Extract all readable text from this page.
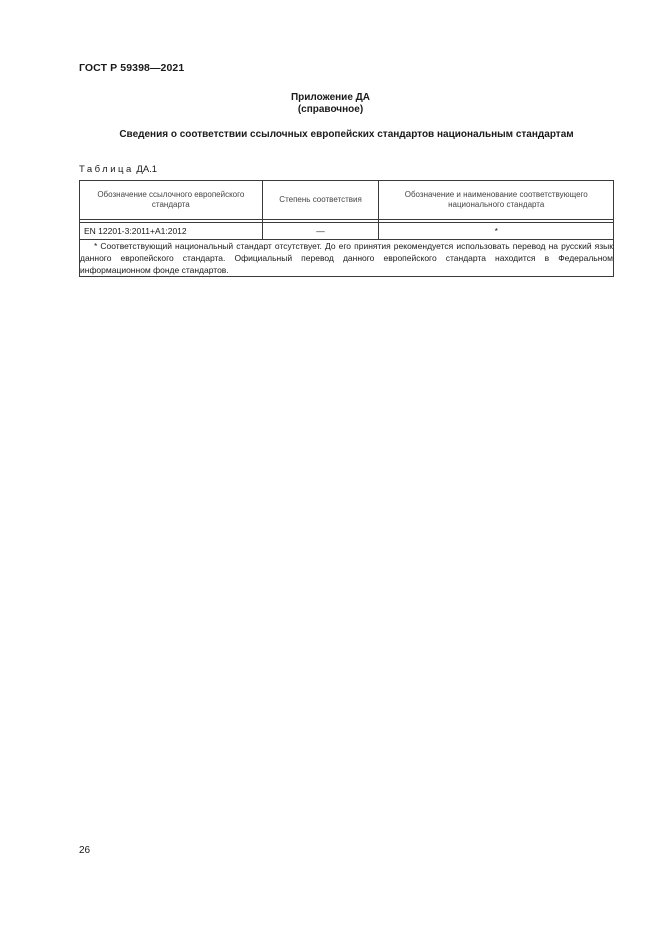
ГОСТ Р 59398—2021
Приложение ДА
(справочное)
Сведения о соответствии ссылочных европейских стандартов национальным стандартам
Таблица ДА.1
Обозначение ссылочного европейского стандарта	Степень соответствия	Обозначение и наименование соответствующего национального стандарта

EN 12201-3:2011+A1:2012	—	*
* Соответствующий национальный стандарт отсутствует. До его принятия рекомендуется использовать перевод на русский язык данного европейского стандарта. Официальный перевод данного европейского стандарта находится в Федеральном информационном фонде стандартов.		
26
